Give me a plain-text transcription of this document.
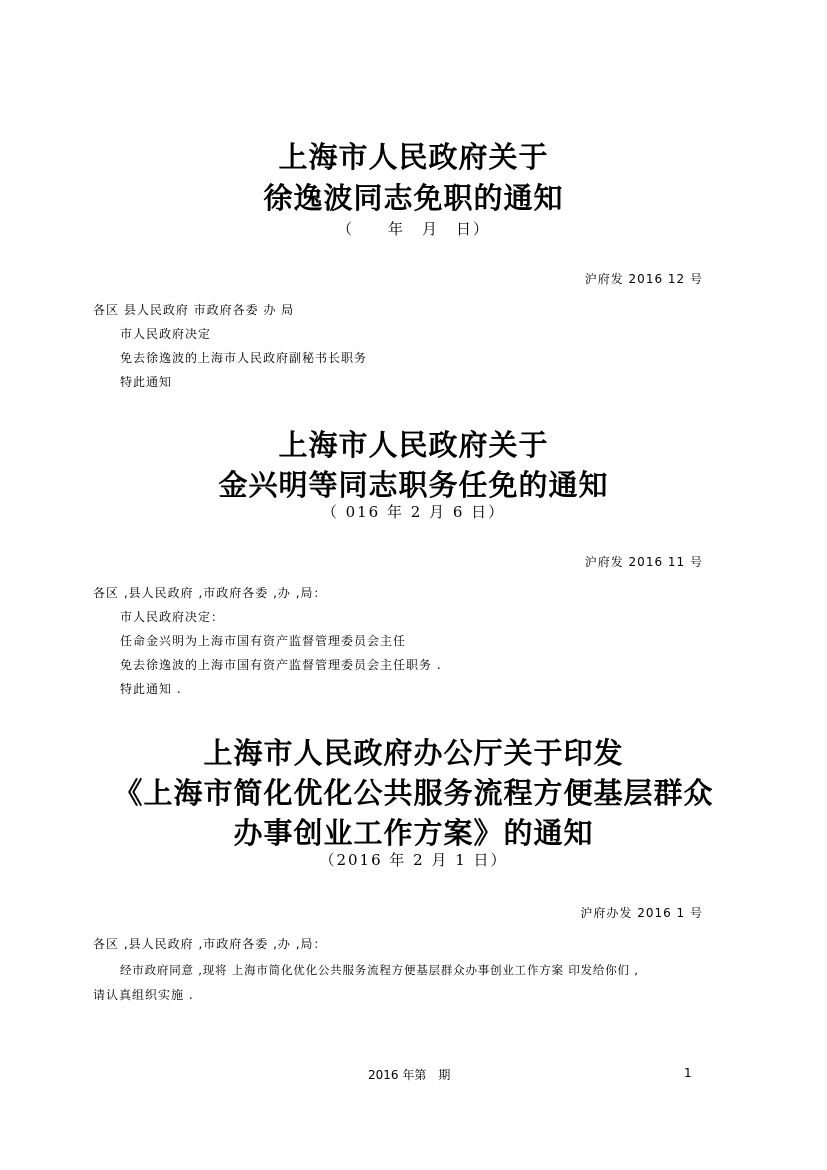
上海市人民政府关于
徐逸波同志免职的通知
（　　年　月　日）
沪府发 2016 12 号
各区 县人民政府 市政府各委 办 局
市人民政府决定
免去徐逸波的上海市人民政府副秘书长职务
特此通知
上海市人民政府关于
金兴明等同志职务任免的通知
（ 016 年 2 月 6 日）
沪府发 2016 11 号
各区 ,县人民政府 ,市政府各委 ,办 ,局：
市人民政府决定：
任命金兴明为上海市国有资产监督管理委员会主任
免去徐逸波的上海市国有资产监督管理委员会主任职务 .
特此通知 .
上海市人民政府办公厅关于印发
《上海市简化优化公共服务流程方便基层群众
办事创业工作方案》的通知
（2016 年 2 月 1 日）
沪府办发 2016 1 号
各区 ,县人民政府 ,市政府各委 ,办 ,局：
经市政府同意 ,现将 上海市简化优化公共服务流程方便基层群众办事创业工作方案 印发给你们 ,
请认真组织实施 .
2016 年第　期	1
